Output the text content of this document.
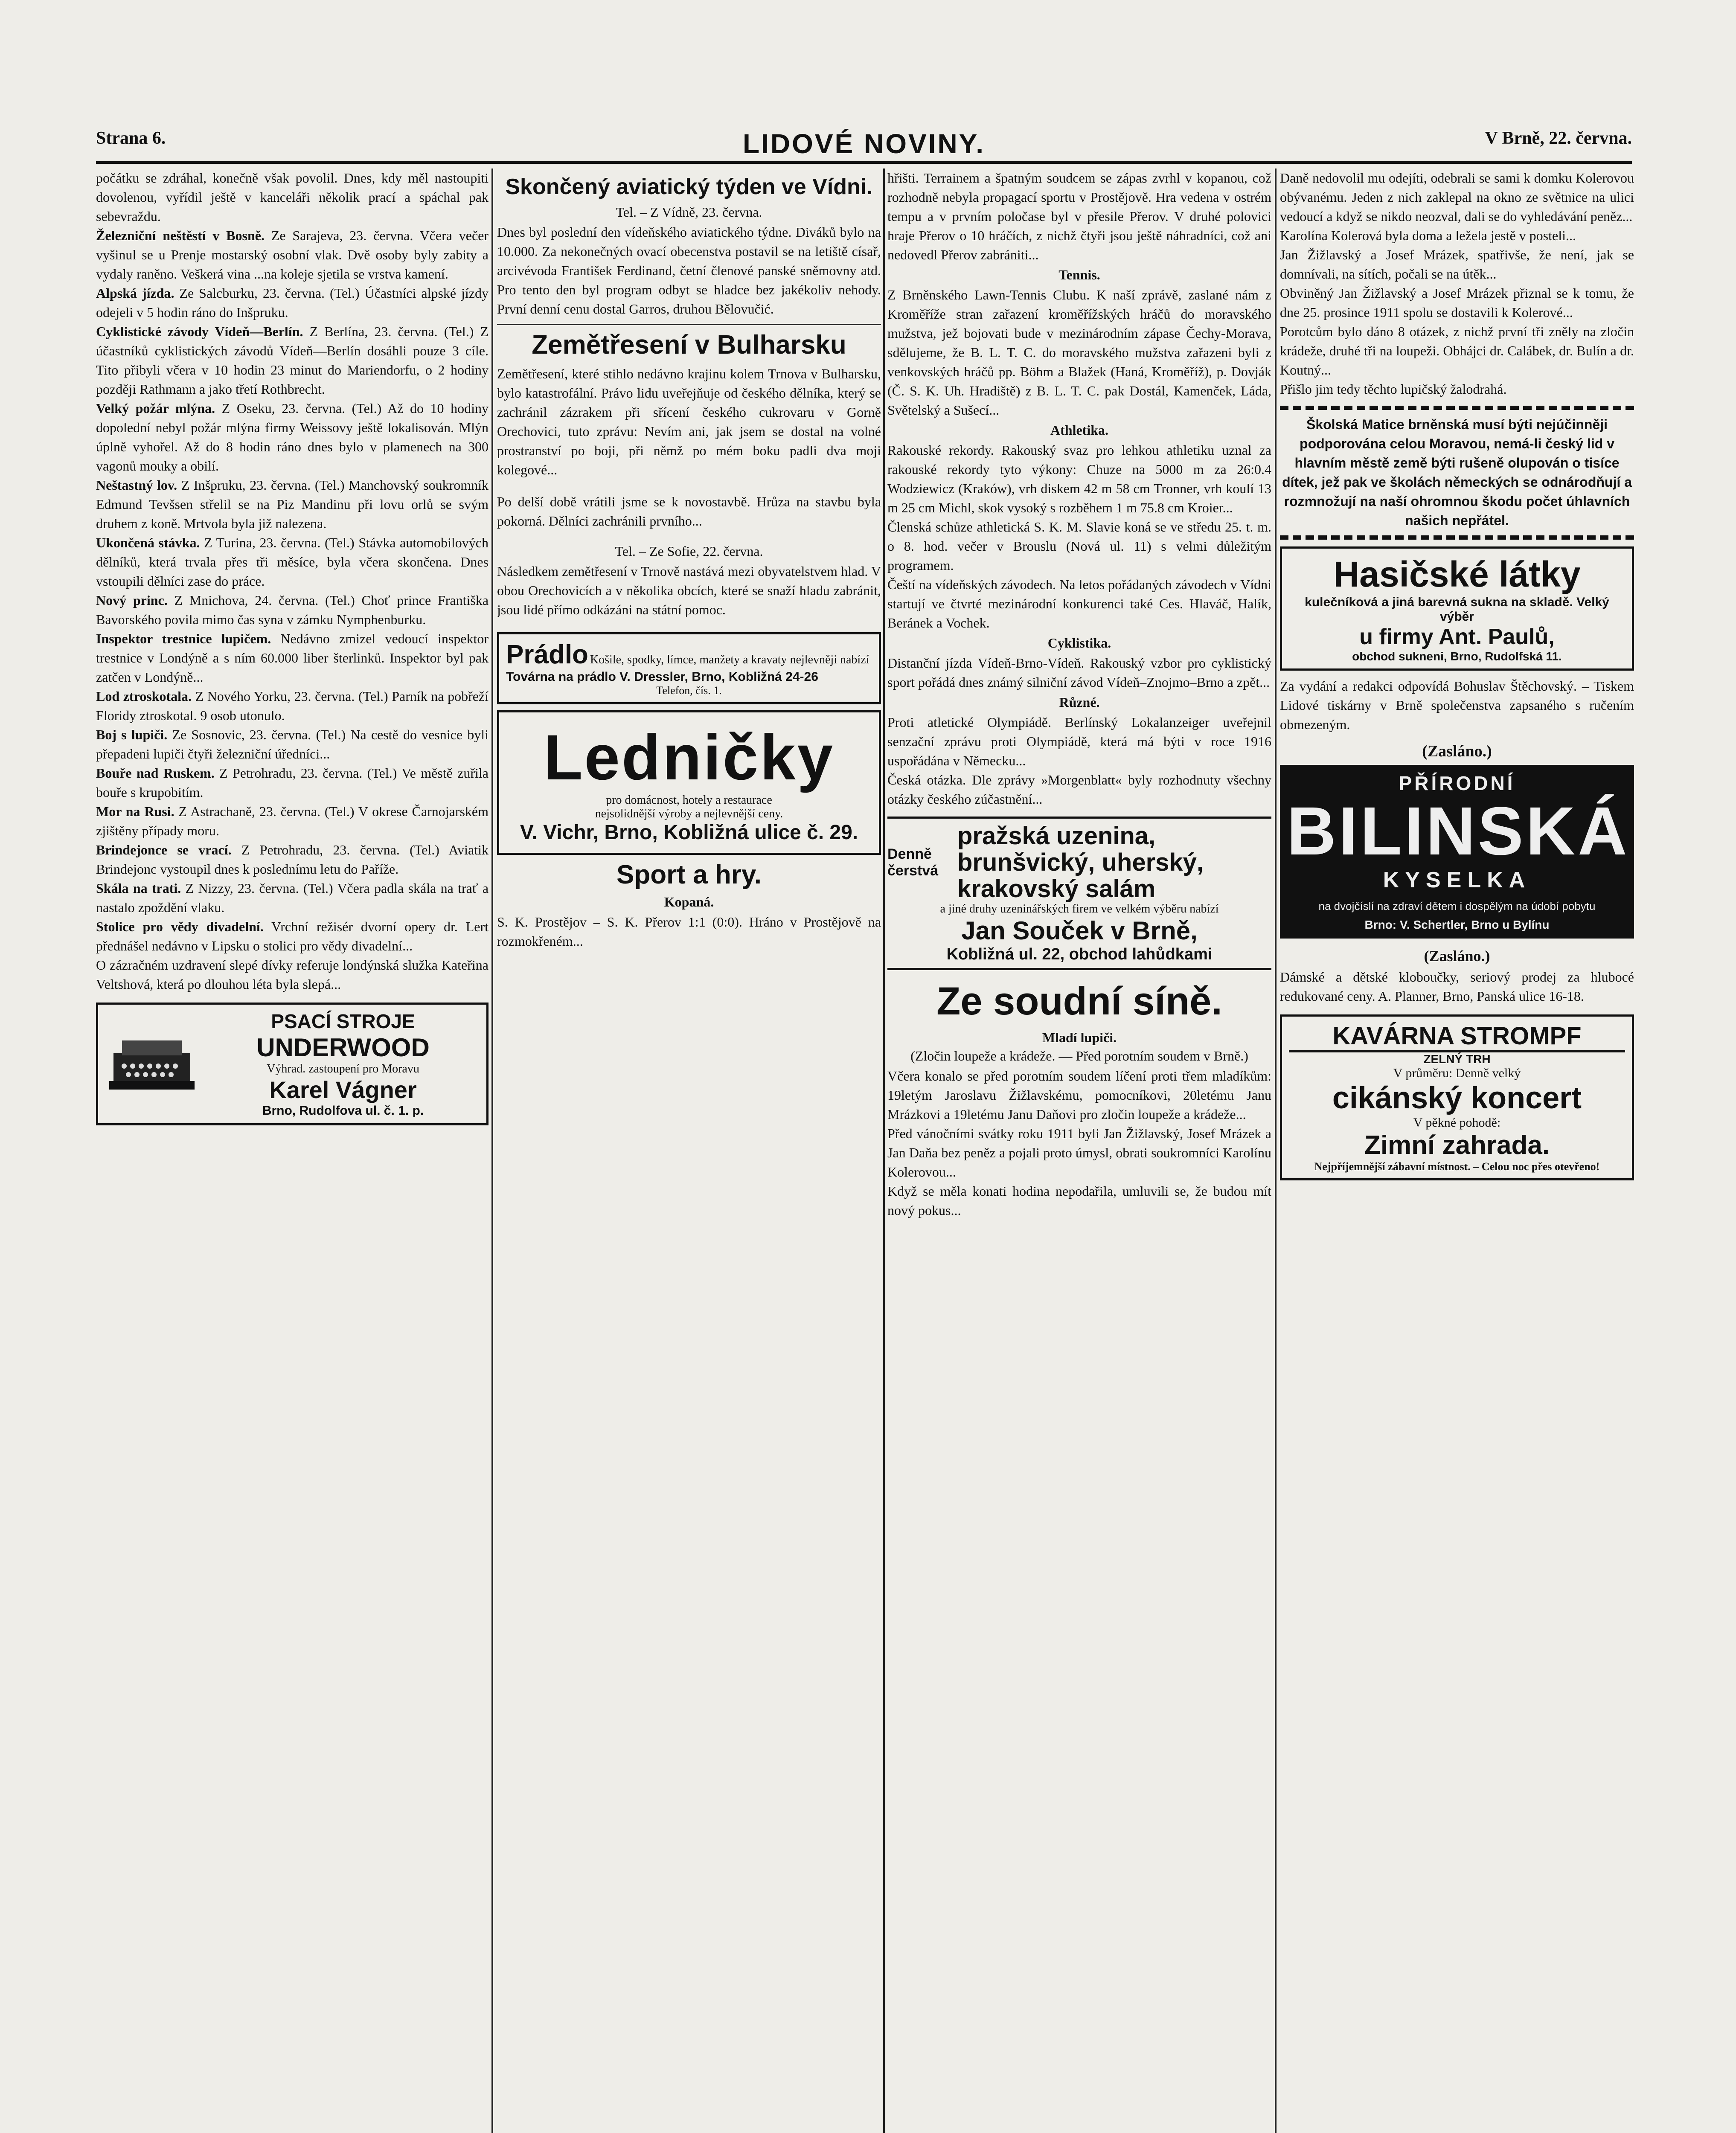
Strana 6.	LIDOVÉ NOVINY.	V Brně, 22. června.

počátku se zdráhal, konečně však povolil. Dnes, kdy měl nastoupiti dovolenou, vyřídil ještě v kanceláři několik prací a spáchal pak sebevraždu.

Železniční neštěstí v Bosně. Ze Sarajeva, 23. června. Včera večer vyšinul se u Prenje mostarský osobní vlak. Dvě osoby byly zabity a vydaly raněno. Veškerá vina ...na koleje sjetila se vrstva kamení.

Alpská jízda. Ze Salcburku, 23. června. (Tel.) Účastníci alpské jízdy odejeli v 5 hodin ráno do Inšpruku.

Cyklistické závody Vídeň—Berlín. Z Berlína, 23. června. (Tel.) Z účastníků cyklistických závodů Vídeň—Berlín dosáhli pouze 3 cíle. Tito přibyli včera v 10 hodin 23 minut do Mariendorfu, o 2 hodiny později Rathmann a jako třetí Rothbrecht.

Velký požár mlýna. Z Oseku, 23. června. (Tel.) Až do 10 hodiny dopolední nebyl požár mlýna firmy Weissovy ještě lokalisován. Mlýn úplně vyhořel. Až do 8 hodin ráno dnes bylo v plamenech na 300 vagonů mouky a obilí.

Neštastný lov. Z Inšpruku, 23. června. (Tel.) Manchovský soukromník Edmund Tevšsen střelil se na Piz Mandinu při lovu orlů se svým druhem z koně. Mrtvola byla již nalezena.

Ukončená stávka. Z Turina, 23. června. (Tel.) Stávka automobilových dělníků, která trvala přes tři měsíce, byla včera skončena. Dnes vstoupili dělníci zase do práce.

Nový princ. Z Mnichova, 24. června. (Tel.) Choť prince Františka Bavorského povila mimo čas syna v zámku Nymphenburku.

Inspektor trestnice lupičem. Nedávno zmizel vedoucí inspektor trestnice v Londýně a s ním 60.000 liber šterlinků. Inspektor byl pak zatčen v Londýně...

Lod ztroskotala. Z Nového Yorku, 23. června. (Tel.) Parník na pobřeží Floridy ztroskotal. 9 osob utonulo.

Boj s lupiči. Ze Sosnovic, 23. června. (Tel.) Na cestě do vesnice byli přepadeni lupiči čtyři železniční úředníci...

Bouře nad Ruskem. Z Petrohradu, 23. června. (Tel.) Ve městě zuřila bouře s krupobitím.

Mor na Rusi. Z Astrachaně, 23. června. (Tel.) V okrese Čarnojarském zjištěny případy moru.

Brindejonce se vrací. Z Petrohradu, 23. června. (Tel.) Aviatik Brindejonc vystoupil dnes k poslednímu letu do Paříže.

Skála na trati. Z Nizzy, 23. června. (Tel.) Včera padla skála na trať a nastalo zpoždění vlaku.

Stolice pro vědy divadelní. Vrchní režisér dvorní opery dr. Lert přednášel nedávno v Lipsku o stolici pro vědy divadelní...

O zázračném uzdravení slepé dívky referuje londýnská služka Kateřina Veltshová, která po dlouhou léta byla slepá...

PSACÍ STROJE
UNDERWOOD
Výhrad. zastoupení pro Moravu
Karel Vágner
Brno, Rudolfova ul. č. 1. p.
Skončený aviatický týden ve Vídni.
Tel. – Z Vídně, 23. června.

Dnes byl poslední den vídeňského aviatického týdne. Diváků bylo na 10.000. Za nekonečných ovací obecenstva postavil se na letiště císař, arcivévoda František Ferdinand, četní členové panské sněmovny atd. Pro tento den byl program odbyt se hladce bez jakékoliv nehody. První denní cenu dostal Garros, druhou Bělovučić.

Zemětřesení v Bulharsku

Zemětřesení, které stihlo nedávno krajinu kolem Trnova v Bulharsku, bylo katastrofální. Právo lidu uveřejňuje od českého dělníka, který se zachránil zázrakem při sřícení českého cukrovaru v Gorně Orechovici, tuto zprávu: Nevím ani, jak jsem se dostal na volné prostranství po boji, při němž po mém boku padli dva moji kolegové...

Po delší době vrátili jsme se k novostavbě. Hrůza na stavbu byla pokorná. Dělníci zachránili prvního...

Tel. – Ze Sofie, 22. června.

Následkem zemětřesení v Trnově nastává mezi obyvatelstvem hlad. V obou Orechovicích a v několika obcích, které se snaží hladu zabránit, jsou lidé přímo odkázáni na státní pomoc.

Prádlo Košile, spodky, límce, manžety a kravaty nejlevněji nabízí
Továrna na prádlo V. Dressler, Brno, Kobližná 24-26
Telefon, čís. 1.
Ledničky
pro domácnost, hotely a restaurace
nejsolidnější výroby a nejlevnější ceny.
V. Vichr, Brno, Kobližná ulice č. 29.
Sport a hry.
Kopaná.

S. K. Prostějov – S. K. Přerov 1:1 (0:0). Hráno v Prostějově na rozmokřeném...

hřišti. Terrainem a špatným soudcem se zápas zvrhl v kopanou, což rozhodně nebyla propagací sportu v Prostějově. Hra vedena v ostrém tempu a v prvním poločase byl v přesile Přerov. V druhé polovici hraje Přerov o 10 hráčích, z nichž čtyři jsou ještě náhradníci, což ani nedovedl Přerov zabrániti...

Tennis.

Z Brněnského Lawn-Tennis Clubu. K naší zprávě, zaslané nám z Kroměříže stran zařazení kroměřížských hráčů do moravského mužstva, jež bojovati bude v mezinárodním zápase Čechy-Morava, sdělujeme, že B. L. T. C. do moravského mužstva zařazeni byli z venkovských hráčů pp. Böhm a Blažek (Haná, Kroměříž), p. Dovják (Č. S. K. Uh. Hradiště) z B. L. T. C. pak Dostál, Kamenček, Láda, Světelský a Sušecí...

Athletika.

Rakouské rekordy. Rakouský svaz pro lehkou athletiku uznal za rakouské rekordy tyto výkony: Chuze na 5000 m za 26:0.4 Wodziewicz (Kraków), vrh diskem 42 m 58 cm Tronner, vrh koulí 13 m 25 cm Michl, skok vysoký s rozběhem 1 m 75.8 cm Kroier...

Členská schůze athletická S. K. M. Slavie koná se ve středu 25. t. m. o 8. hod. večer v Brouslu (Nová ul. 11) s velmi důležitým programem.

Čeští na vídeňských závodech. Na letos pořádaných závodech v Vídni startují ve čtvrté mezinárodní konkurenci také Ces. Hlaváč, Halík, Beránek a Vochek.

Cyklistika.

Distanční jízda Vídeň-Brno-Vídeň. Rakouský vzbor pro cyklistický sport pořádá dnes známý silniční závod Vídeň–Znojmo–Brno a zpět...

Různé.

Proti atletické Olympiádě. Berlínský Lokalanzeiger uveřejnil senzační zprávu proti Olympiádě, která má býti v roce 1916 uspořádána v Německu...

Česká otázka. Dle zprávy »Morgenblatt« byly rozhodnuty všechny otázky českého zúčastnění...

Denně čerstvá
pražská uzenina, brunšvický, uherský, krakovský salám
a jiné druhy uzeninářských firem ve velkém výběru nabízí
Jan Souček v Brně,
Kobližná ul. 22, obchod lahůdkami
Ze soudní síně.
Mladí lupiči.
(Zločin loupeže a krádeže. — Před porotním soudem v Brně.)

Včera konalo se před porotním soudem líčení proti třem mladíkům: 19letým Jaroslavu Žižlavskému, pomocníkovi, 20letému Janu Mrázkovi a 19letému Janu Daňovi pro zločin loupeže a krádeže...

Před vánočními svátky roku 1911 byli Jan Žižlavský, Josef Mrázek a Jan Daňa bez peněz a pojali proto úmysl, obrati soukromníci Karolínu Kolerovou...

Když se měla konati hodina nepodařila, umluvili se, že budou mít nový pokus...

Daně nedovolil mu odejíti, odebrali se sami k domku Kolerovou obývanému. Jeden z nich zaklepal na okno ze světnice na ulici vedoucí a když se nikdo neozval, dali se do vyhledávání peněz...

Karolína Kolerová byla doma a ležela jestě v posteli...

Jan Žižlavský a Josef Mrázek, spatřivše, že není, jak se domnívali, na sítích, počali se na útěk...

Obviněný Jan Žižlavský a Josef Mrázek přiznal se k tomu, že dne 25. prosince 1911 spolu se dostavili k Kolerové...

Porotcům bylo dáno 8 otázek, z nichž první tři zněly na zločin krádeže, druhé tři na loupeži. Obhájci dr. Calábek, dr. Bulín a dr. Koutný...

Přišlo jim tedy těchto lupičský žalodrahá.

Školská Matice brněnská musí býti nejúčinněji podporována celou Moravou, nemá-li český lid v hlavním městě země býti rušeně olupován o tisíce dítek, jež pak ve školách německých se odnárodňují a rozmnožují na naší ohromnou škodu počet úhlavních našich nepřátel.

Hasičské látky
kulečníková a jiná barevná sukna na skladě. Velký výběr
u firmy Ant. Paulů,
obchod sukneni, Brno, Rudolfská 11.

Za vydání a redakci odpovídá Bohuslav Štěchovský. – Tiskem Lidové tiskárny v Brně společenstva zapsaného s ručením obmezeným.

(Zasláno.)
PŘÍRODNÍ
BILINSKÁ
KYSELKA
na dvojčíslí na zdraví dětem i dospělým na údobí pobytu
Brno: V. Schertler, Brno u Bylínu
(Zasláno.)

Dámské a dětské kloboučky, seriový prodej za hlubocé redukované ceny. A. Planner, Brno, Panská ulice 16-18.

KAVÁRNA STROMPF
ZELNÝ TRH
V průměru: Denně velký
cikánský koncert
V pěkné pohodě:
Zimní zahrada.
Nejpříjemnější zábavní místnost. – Celou noc přes otevřeno!
